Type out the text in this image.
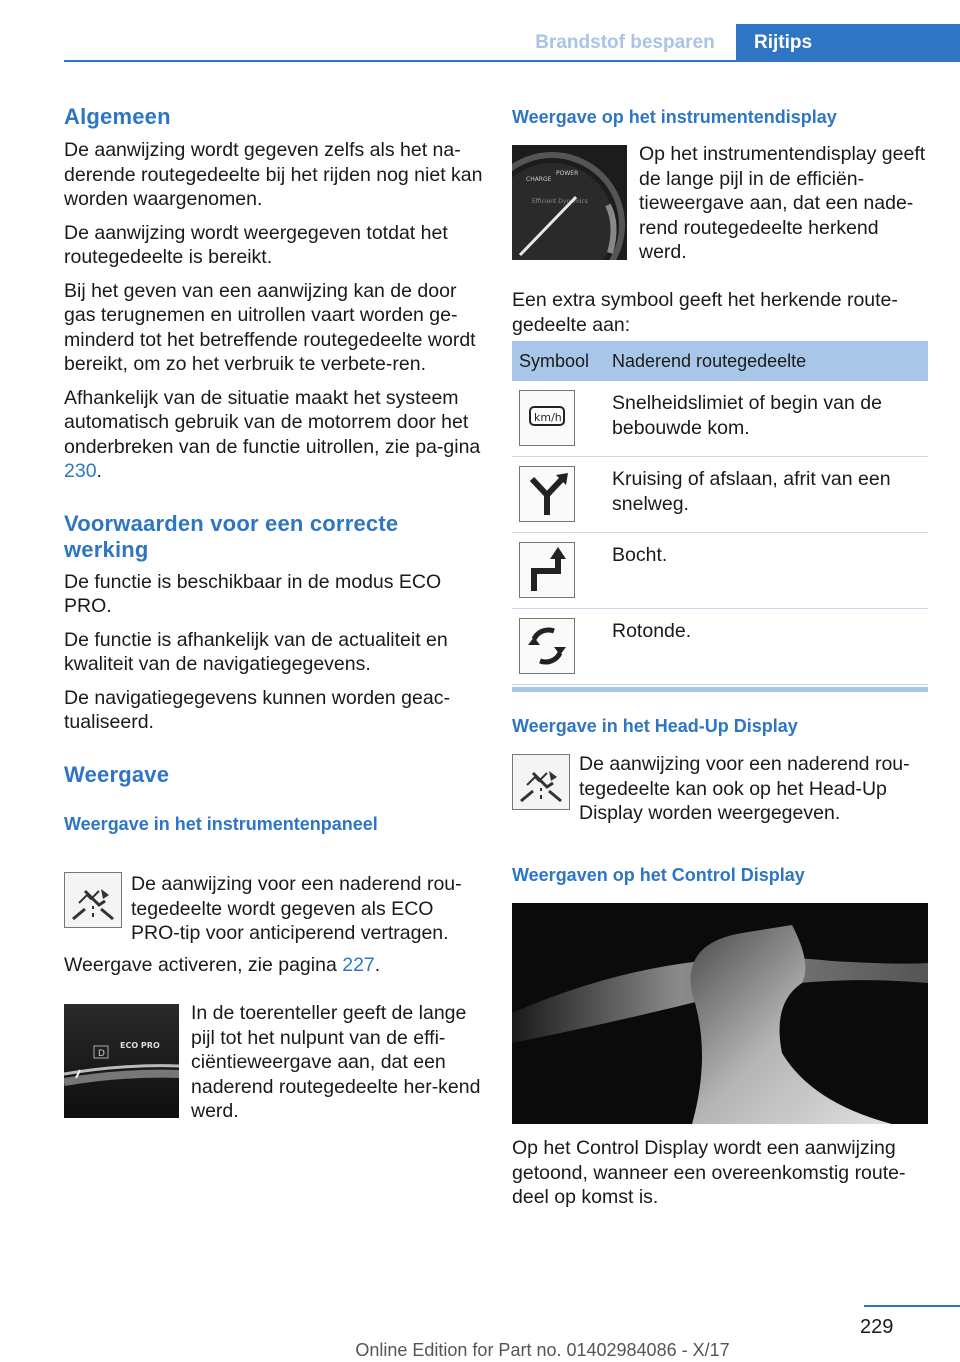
Brandstof besparen	Rijtips
Algemeen

De aanwijzing wordt gegeven zelfs als het na-derende routegedeelte bij het rijden nog niet kan worden waargenomen.

De aanwijzing wordt weergegeven totdat het routegedeelte is bereikt.

Bij het geven van een aanwijzing kan de door gas terugnemen en uitrollen vaart worden ge-minderd tot het betreffende routegedeelte wordt bereikt, om zo het verbruik te verbete-ren.

Afhankelijk van de situatie maakt het systeem automatisch gebruik van de motorrem door het onderbreken van de functie uitrollen, zie pa-gina 230.

Voorwaarden voor een correcte werking

De functie is beschikbaar in de modus ECO PRO.

De functie is afhankelijk van de actualiteit en kwaliteit van de navigatiegegevens.

De navigatiegegevens kunnen worden geac-tualiseerd.

Weergave
Weergave in het instrumentenpaneel

De aanwijzing voor een naderend rou-tegedeelte wordt gegeven als ECO PRO-tip voor anticiperend vertragen.

Weergave activeren, zie pagina 227.

D
ECO PRO

In de toerenteller geeft de lange pijl tot het nulpunt van de effi-ciëntieweergave aan, dat een naderend routegedeelte her-kend werd.

Weergave op het instrumentendisplay
CHARGE
POWER
Efficient Dynamics

Op het instrumentendisplay geeft de lange pijl in de efficiën-tieweergave aan, dat een nade-rend routegedeelte herkend werd.

Een extra symbool geeft het herkende route-gedeelte aan:

Symbool	Naderend routegedeelte
km/h
Snelheidslimiet of begin van de bebouwde kom.
Kruising of afslaan, afrit van een snelweg.
Bocht.
Rotonde.
Weergave in het Head-Up Display

De aanwijzing voor een naderend rou-tegedeelte kan ook op het Head-Up Display worden weergegeven.

Weergaven op het Control Display

Op het Control Display wordt een aanwijzing getoond, wanneer een overeenkomstig route-deel op komst is.

229
Online Edition for Part no. 01402984086 - X/17
